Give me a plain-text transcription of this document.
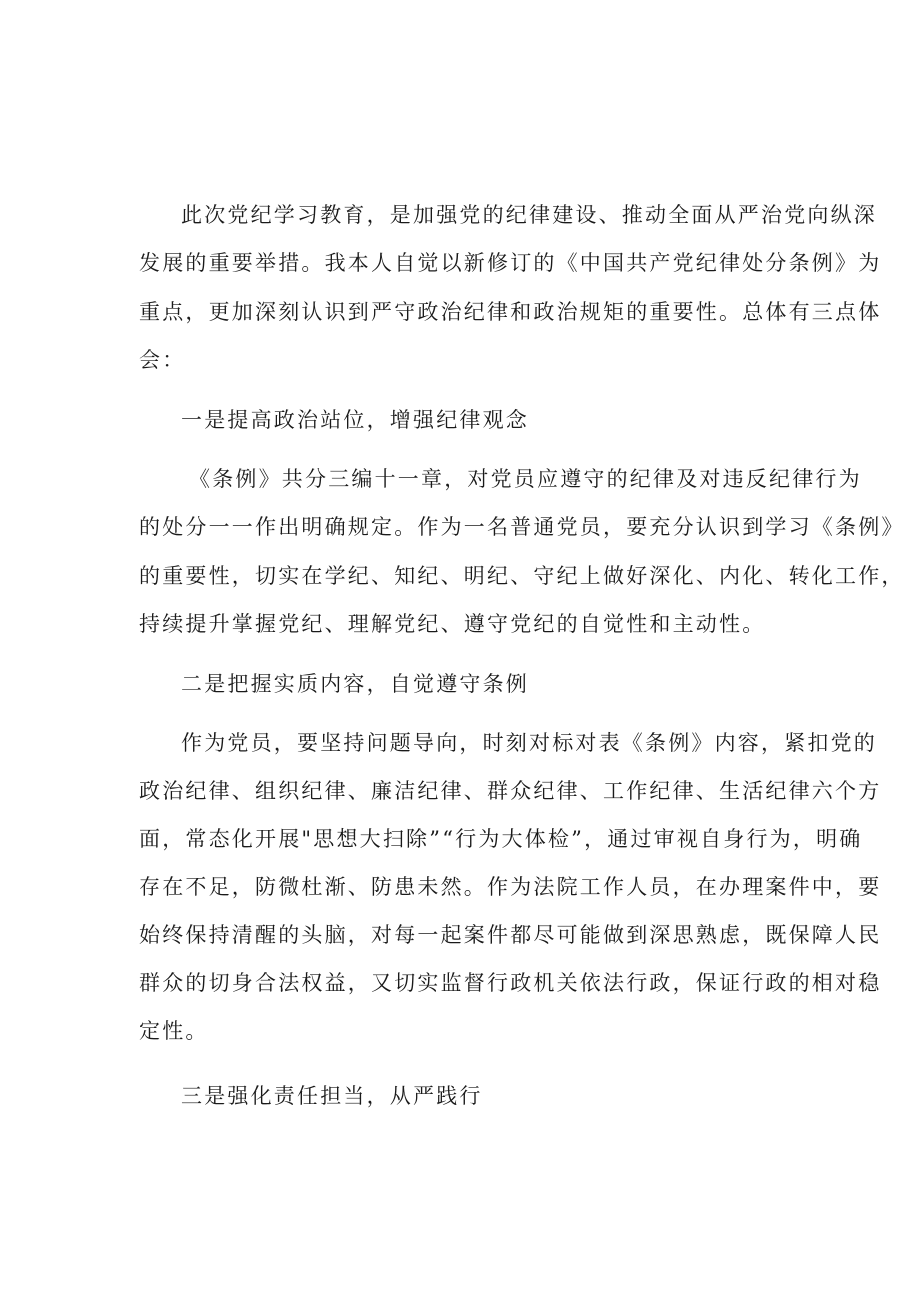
此次党纪学习教育，是加强党的纪律建设、推动全面从严治党向纵深
发展的重要举措。我本人自觉以新修订的《中国共产党纪律处分条例》为
重点，更加深刻认识到严守政治纪律和政治规矩的重要性。总体有三点体
会：
一是提高政治站位，增强纪律观念
《条例》共分三编十一章，对党员应遵守的纪律及对违反纪律行为
的处分一一作出明确规定。作为一名普通党员，要充分认识到学习《条例》
的重要性，切实在学纪、知纪、明纪、守纪上做好深化、内化、转化工作，
持续提升掌握党纪、理解党纪、遵守党纪的自觉性和主动性。
二是把握实质内容，自觉遵守条例
作为党员，要坚持问题导向，时刻对标对表《条例》内容，紧扣党的
政治纪律、组织纪律、廉洁纪律、群众纪律、工作纪律、生活纪律六个方
面，常态化开展"思想大扫除”“行为大体检”，通过审视自身行为，明确
存在不足，防微杜渐、防患未然。作为法院工作人员，在办理案件中，要
始终保持清醒的头脑，对每一起案件都尽可能做到深思熟虑，既保障人民
群众的切身合法权益，又切实监督行政机关依法行政，保证行政的相对稳
定性。
三是强化责任担当，从严践行
